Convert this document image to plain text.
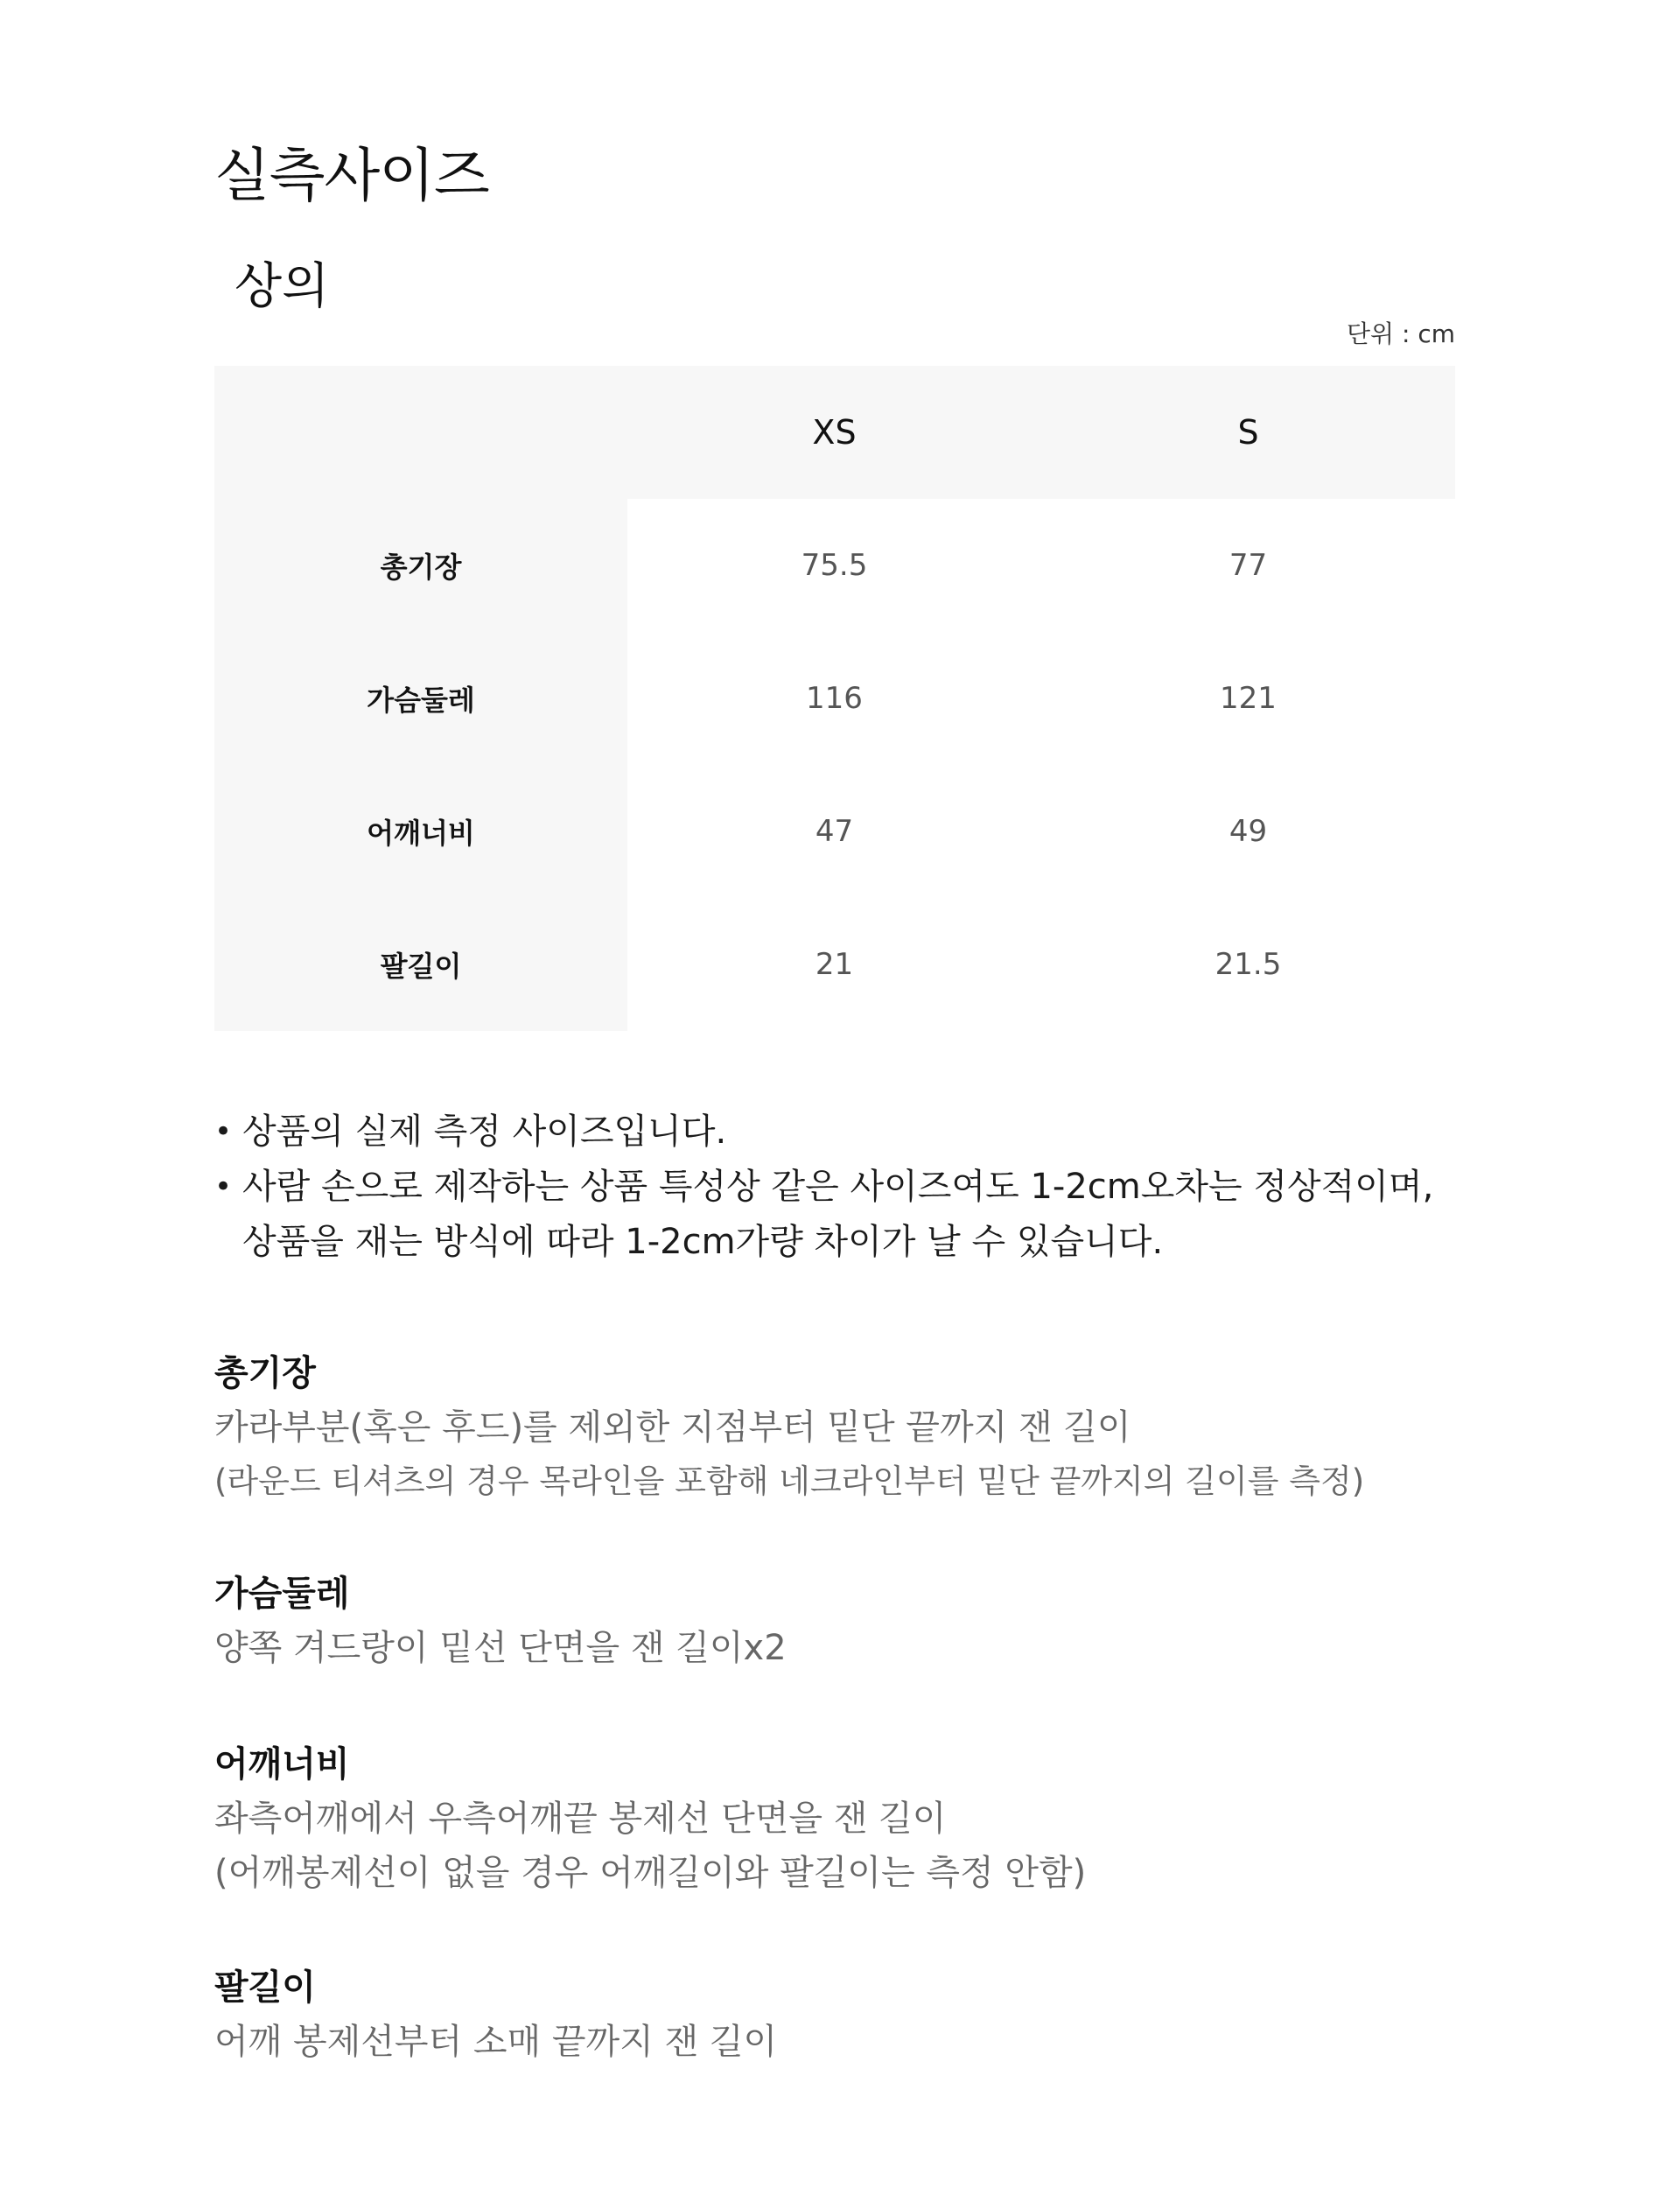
실측사이즈
상의
단위 : cm
	XS	S
총기장	75.5	77
가슴둘레	116	121
어깨너비	47	49
팔길이	21	21.5
• 상품의 실제 측정 사이즈입니다.
• 사람 손으로 제작하는 상품 특성상 같은 사이즈여도 1-2cm오차는 정상적이며,
상품을 재는 방식에 따라 1-2cm가량 차이가 날 수 있습니다.
총기장

카라부분(혹은 후드)를 제외한 지점부터 밑단 끝까지 잰 길이

(라운드 티셔츠의 경우 목라인을 포함해 네크라인부터 밑단 끝까지의 길이를 측정)

가슴둘레

양쪽 겨드랑이 밑선 단면을 잰 길이x2

어깨너비

좌측어깨에서 우측어깨끝 봉제선 단면을 잰 길이

(어깨봉제선이 없을 경우 어깨길이와 팔길이는 측정 안함)

팔길이

어깨 봉제선부터 소매 끝까지 잰 길이
